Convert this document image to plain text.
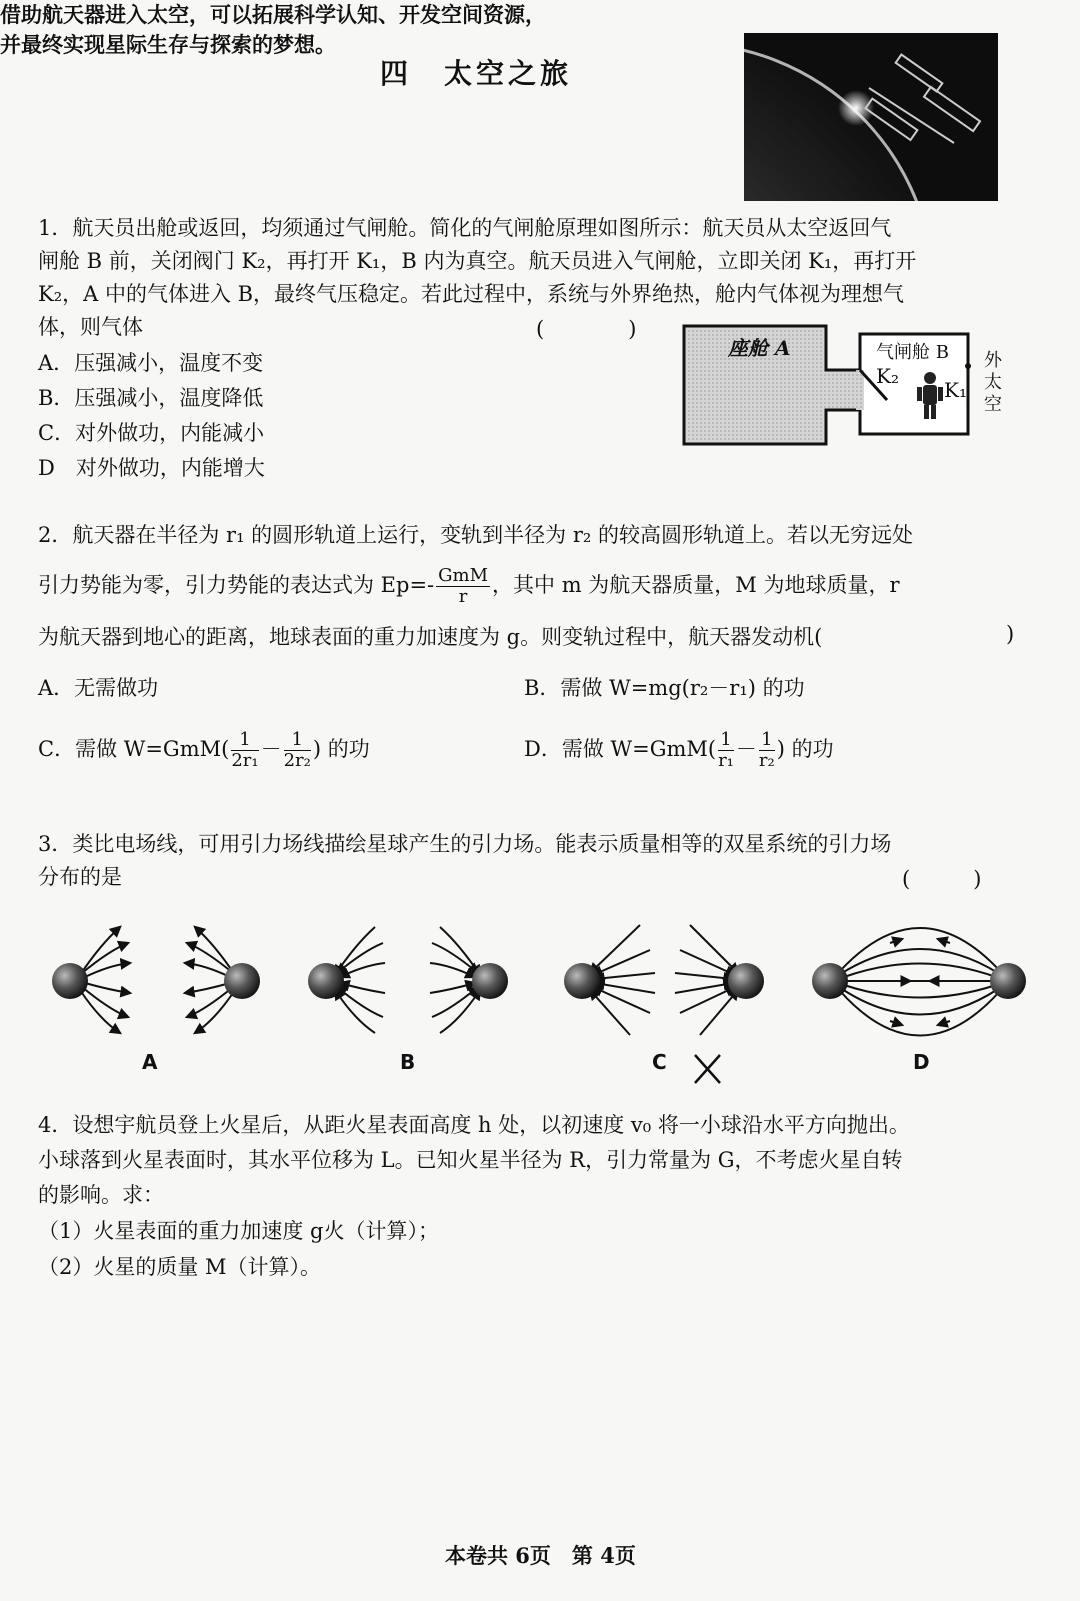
四　太空之旅
借助航天器进入太空，可以拓展科学认知、开发空间资源，
并最终实现星际生存与探索的梦想。
1．航天员出舱或返回，均须通过气闸舱。简化的气闸舱原理如图所示：航天员从太空返回气
闸舱 B 前，关闭阀门 K₂，再打开 K₁，B 内为真空。航天员进入气闸舱，立即关闭 K₁，再打开
K₂，A 中的气体进入 B，最终气压稳定。若此过程中，系统与外界绝热，舱内气体视为理想气
体，则气体	(　　　　)
A．压强减小，温度不变
B．压强减小，温度降低
C．对外做功，内能减小
D　对外做功，内能增大
座舱 A	气闸舱 B
K₂
K₁
外太空
2．航天器在半径为 r₁ 的圆形轨道上运行，变轨到半径为 r₂ 的较高圆形轨道上。若以无穷远处
引力势能为零，引力势能的表达式为 $Ep=- \frac{\text{GmM}}{r}$ ，其中 m 为航天器质量，M 为地球质量，r
为航天器到地心的距离，地球表面的重力加速度为 g。则变轨过程中，航天器发动机(	)
A．无需做功	B．需做 W=mg(r₂－r₁) 的功
C．需做 $W=GmM( \frac{1}{\text{2r₁}} - \frac{1}{\text{2r₂}}$ ) 的功	D．需做 $W=GmM( \frac{1}{\text{r₁}} - \frac{1}{\text{r₂}}$ ) 的功
3．类比电场线，可用引力场线描绘星球产生的引力场。能表示质量相等的双星系统的引力场
分布的是	(　　　)
A	B	C	D
4．设想宇航员登上火星后，从距火星表面高度 h 处，以初速度 v₀ 将一小球沿水平方向抛出。
小球落到火星表面时，其水平位移为 L。已知火星半径为 R，引力常量为 G，不考虑火星自转
的影响。求：
（1）火星表面的重力加速度 g火（计算）；
（2）火星的质量 M（计算）。
本卷共 6页　第 4页
